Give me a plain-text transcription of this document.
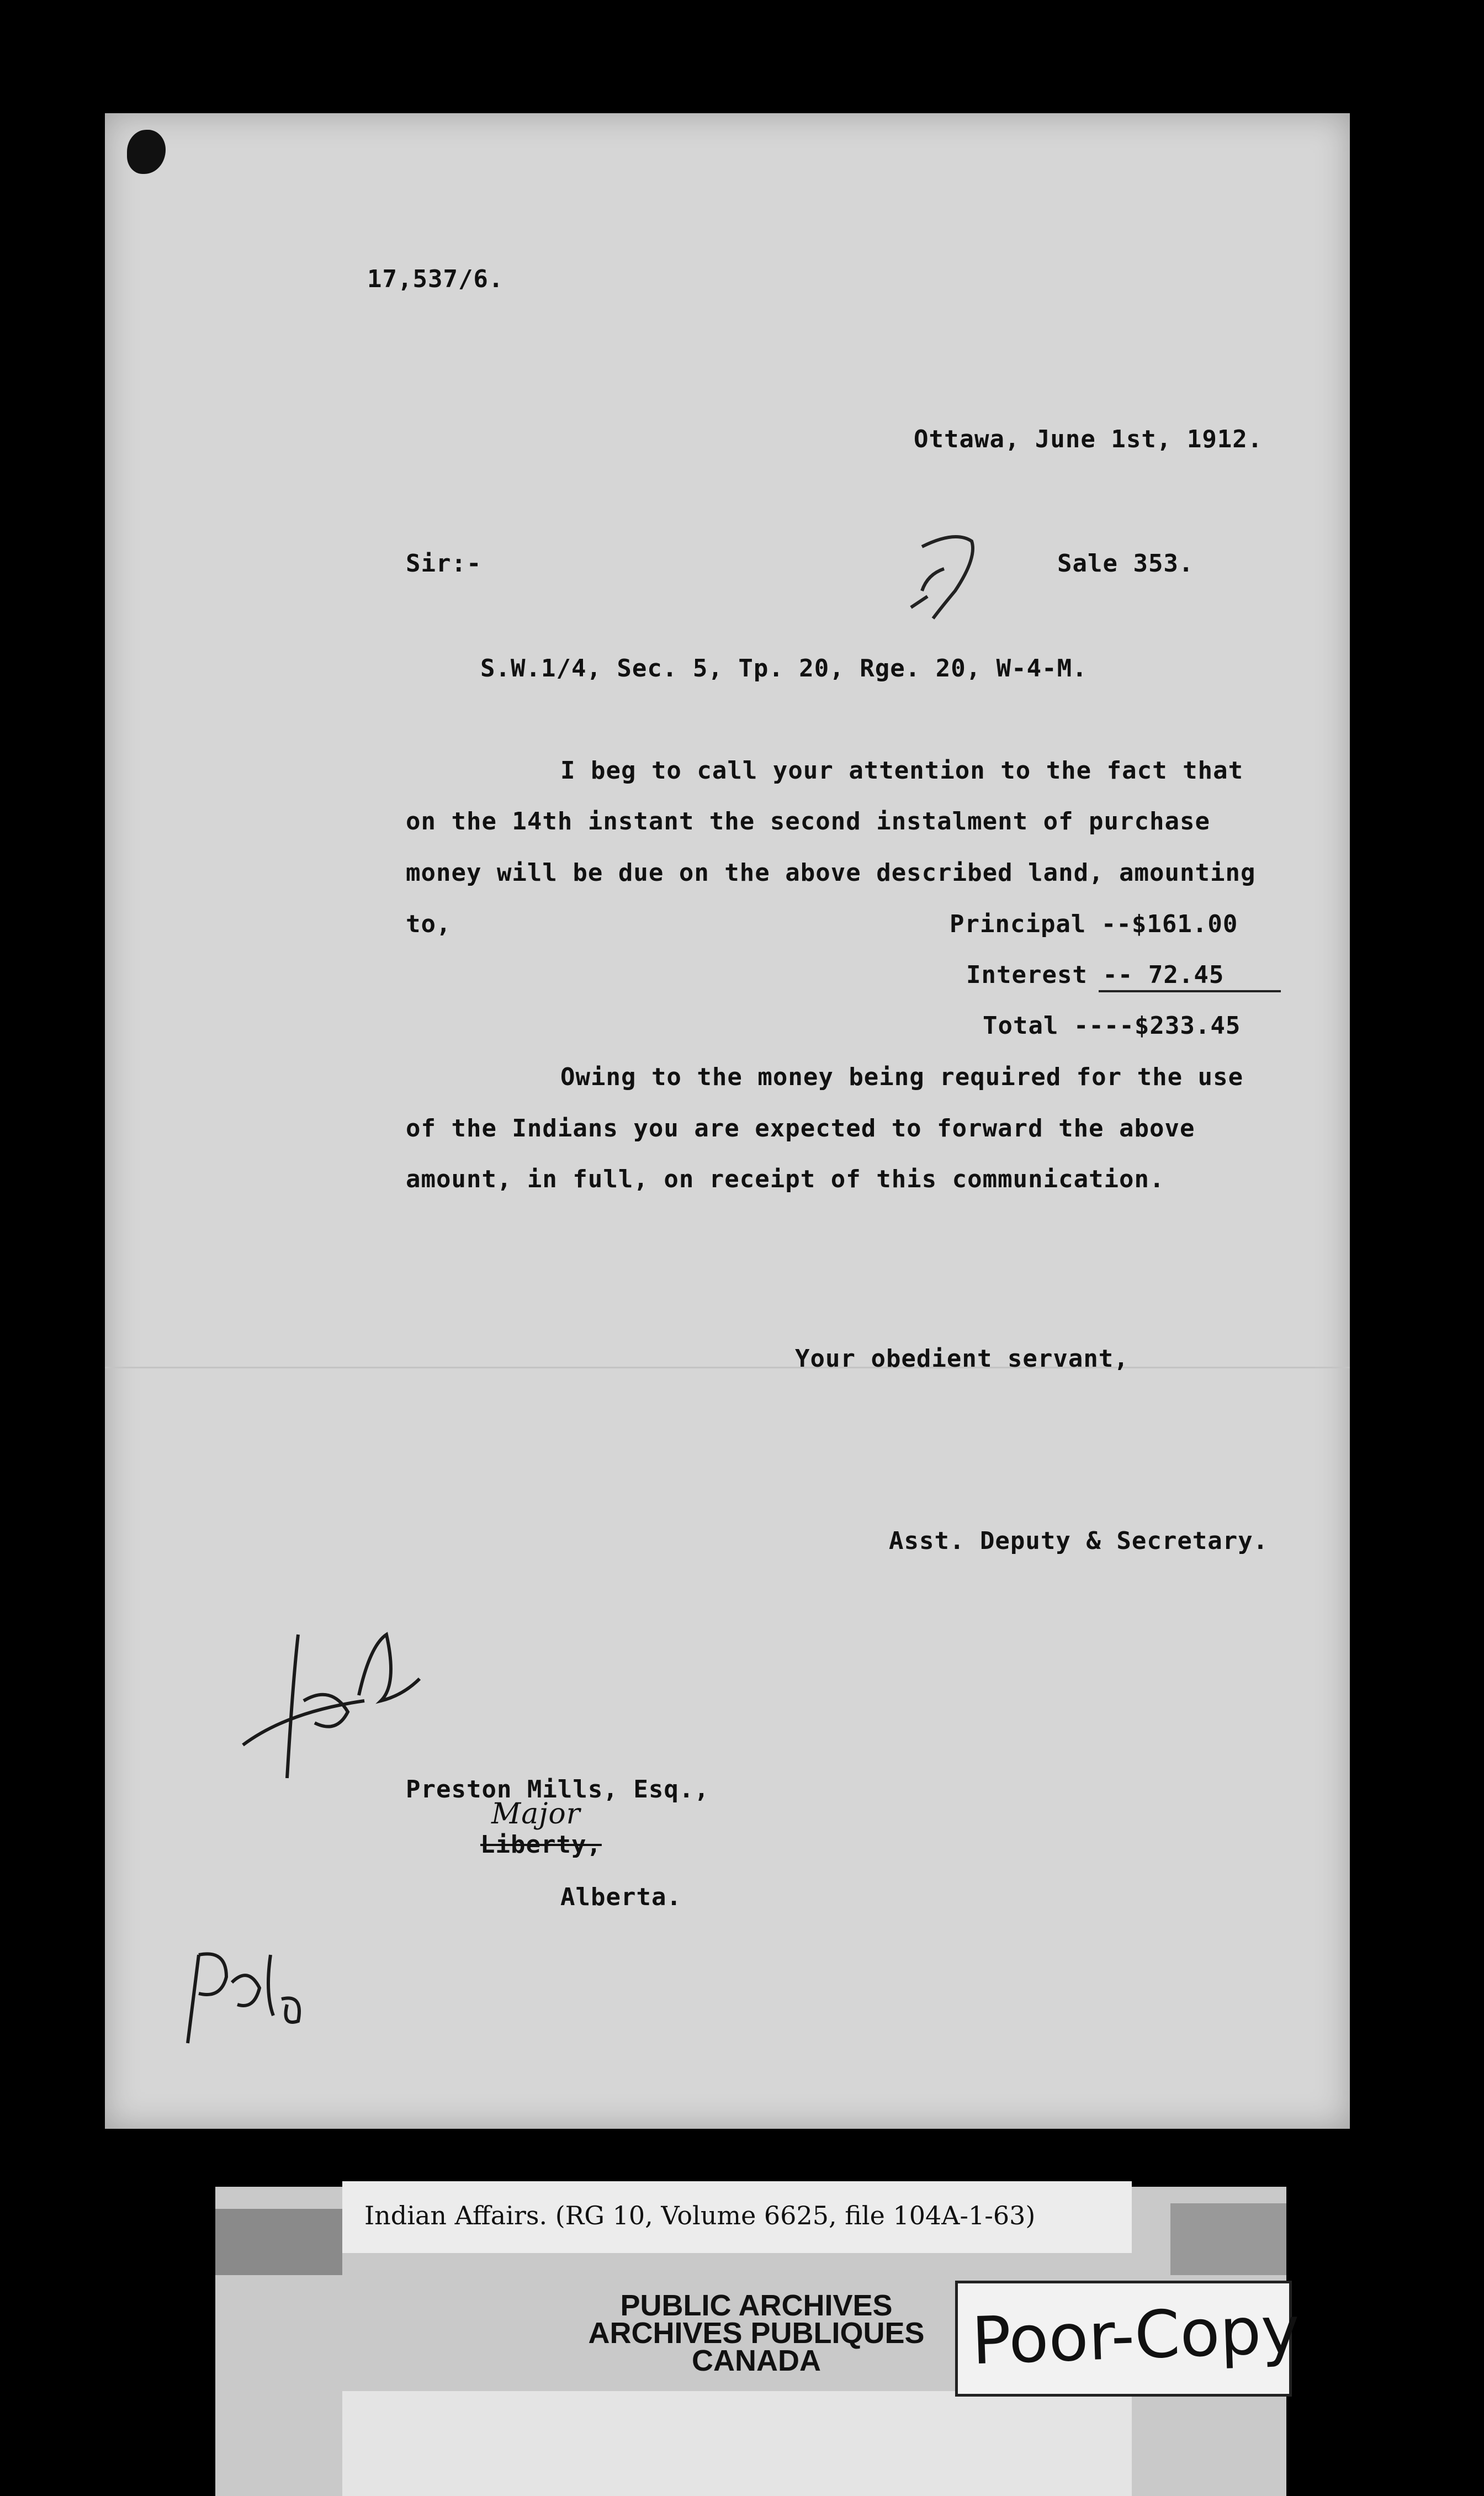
17,537/6.
Ottawa, June 1st, 1912.
Sir:-	Sale 353.
S.W.1/4, Sec. 5, Tp. 20, Rge. 20, W-4-M.
I beg to call your attention to the fact that
on the 14th instant the second instalment of purchase
money will be due on the above described land, amounting
to,	Principal --$161.00
Interest -- 72.45
Total ----$233.45
Owing to the money being required for the use
of the Indians you are expected to forward the above
amount, in full, on receipt of this communication.
Your obedient servant,
Asst. Deputy & Secretary.
Preston Mills, Esq.,
Liberty,
Major
Alberta.
Indian Affairs. (RG 10, Volume 6625, file 104A-1-63)
PUBLIC ARCHIVES
ARCHIVES PUBLIQUES
CANADA	Poor-Copy
